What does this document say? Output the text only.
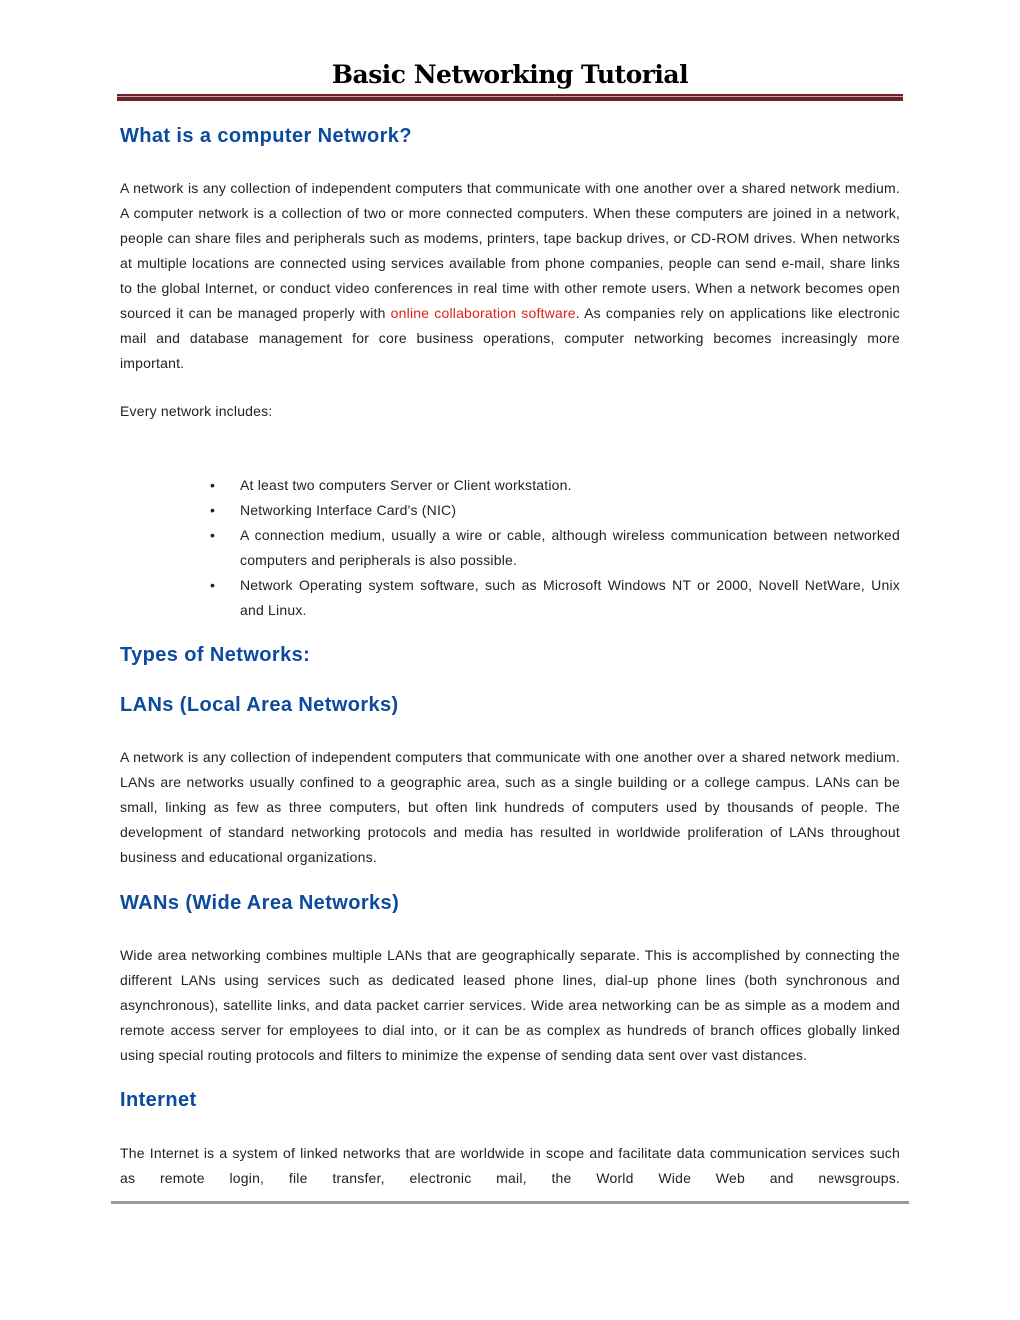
Basic Networking Tutorial
What is a computer Network?
A network is any collection of independent computers that communicate with one another over a shared network medium. A computer network is a collection of two or more connected computers. When these computers are joined in a network, people can share files and peripherals such as modems, printers, tape backup drives, or CD-ROM drives. When networks at multiple locations are connected using services available from phone companies, people can send e-mail, share links to the global Internet, or conduct video conferences in real time with other remote users. When a network becomes open sourced it can be managed properly with online collaboration software. As companies rely on applications like electronic mail and database management for core business operations, computer networking becomes increasingly more important.
Every network includes:
• At least two computers Server or Client workstation.
• Networking Interface Card's (NIC)
• A connection medium, usually a wire or cable, although wireless communication between networked computers and peripherals is also possible.
• Network Operating system software, such as Microsoft Windows NT or 2000, Novell NetWare, Unix and Linux.
Types of Networks:
LANs (Local Area Networks)
A network is any collection of independent computers that communicate with one another over a shared network medium. LANs are networks usually confined to a geographic area, such as a single building or a college campus. LANs can be small, linking as few as three computers, but often link hundreds of computers used by thousands of people. The development of standard networking protocols and media has resulted in worldwide proliferation of LANs throughout business and educational organizations.
WANs (Wide Area Networks)
Wide area networking combines multiple LANs that are geographically separate. This is accomplished by connecting the different LANs using services such as dedicated leased phone lines, dial-up phone lines (both synchronous and asynchronous), satellite links, and data packet carrier services. Wide area networking can be as simple as a modem and remote access server for employees to dial into, or it can be as complex as hundreds of branch offices globally linked using special routing protocols and filters to minimize the expense of sending data sent over vast distances.
Internet
The Internet is a system of linked networks that are worldwide in scope and facilitate data communication services such as remote login, file transfer, electronic mail, the World Wide Web and newsgroups.
